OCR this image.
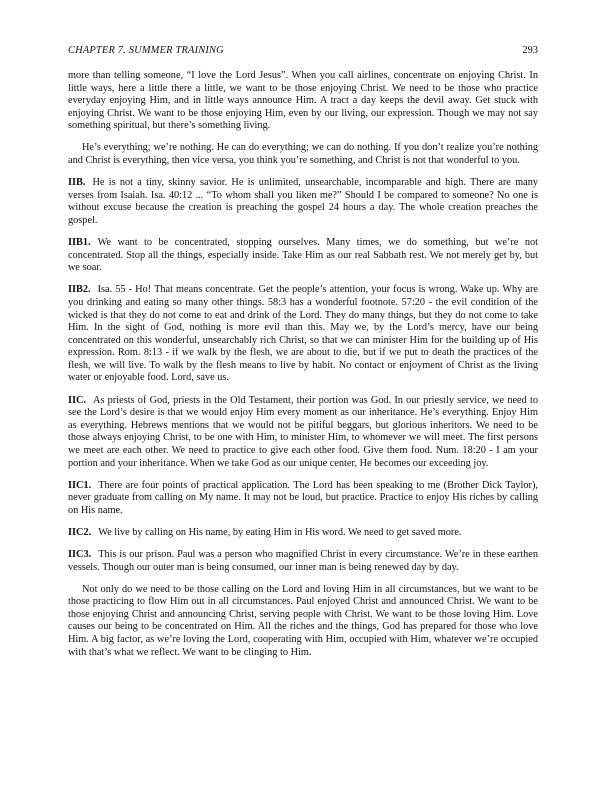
CHAPTER 7. SUMMER TRAINING	293

more than telling someone, “I love the Lord Jesus”. When you call airlines, concentrate on enjoying Christ. In little ways, here a little there a little, we want to be those enjoying Christ. We need to be those who practice everyday enjoying Him, and in little ways announce Him. A tract a day keeps the devil away. Get stuck with enjoying Christ. We want to be those enjoying Him, even by our living, our expression. Though we may not say something spiritual, but there’s something living.

He’s everything; we’re nothing. He can do everything; we can do nothing. If you don’t realize you’re nothing and Christ is everything, then vice versa, you think you’re something, and Christ is not that wonderful to you.

IIB. He is not a tiny, skinny savior. He is unlimited, unsearchable, incomparable and high. There are many verses from Isaiah. Isa. 40:12 ... “To whom shall you liken me?” Should I be compared to someone? No one is without excuse because the creation is preaching the gospel 24 hours a day. The whole creation preaches the gospel.

IIB1. We want to be concentrated, stopping ourselves. Many times, we do something, but we’re not concentrated. Stop all the things, especially inside. Take Him as our real Sabbath rest. We not merely get by, but we soar.

IIB2. Isa. 55 - Ho! That means concentrate. Get the people’s attention, your focus is wrong. Wake up. Why are you drinking and eating so many other things. 58:3 has a wonderful footnote. 57:20 - the evil condition of the wicked is that they do not come to eat and drink of the Lord. They do many things, but they do not come to take Him. In the sight of God, nothing is more evil than this. May we, by the Lord’s mercy, have our being concentrated on this wonderful, unsearchably rich Christ, so that we can minister Him for the building up of His expression. Rom. 8:13 - if we walk by the flesh, we are about to die, but if we put to death the practices of the flesh, we will live. To walk by the flesh means to live by habit. No contact or enjoyment of Christ as the living water or enjoyable food. Lord, save us.

IIC. As priests of God, priests in the Old Testament, their portion was God. In our priestly service, we need to see the Lord’s desire is that we would enjoy Him every moment as our inheritance. He’s everything. Enjoy Him as everything. Hebrews mentions that we would not be pitiful beggars, but glorious inheritors. We need to be those always enjoying Christ, to be one with Him, to minister Him, to whomever we will meet. The first persons we meet are each other. We need to practice to give each other food. Give them food. Num. 18:20 - I am your portion and your inheritance. When we take God as our unique center, He becomes our exceeding joy.

IIC1. There are four points of practical application. The Lord has been speaking to me (Brother Dick Taylor), never graduate from calling on My name. It may not be loud, but practice. Practice to enjoy His riches by calling on His name.

IIC2. We live by calling on His name, by eating Him in His word. We need to get saved more.

IIC3. This is our prison. Paul was a person who magnified Christ in every circumstance. We’re in these earthen vessels. Though our outer man is being consumed, our inner man is being renewed day by day.

Not only do we need to be those calling on the Lord and loving Him in all circumstances, but we want to be those practicing to flow Him out in all circumstances. Paul enjoyed Christ and announced Christ. We want to be those enjoying Christ and announcing Christ, serving people with Christ. We want to be those loving Him. Love causes our being to be concentrated on Him. All the riches and the things, God has prepared for those who love Him. A big factor, as we’re loving the Lord, cooperating with Him, occupied with Him, whatever we’re occupied with that’s what we reflect. We want to be clinging to Him.
